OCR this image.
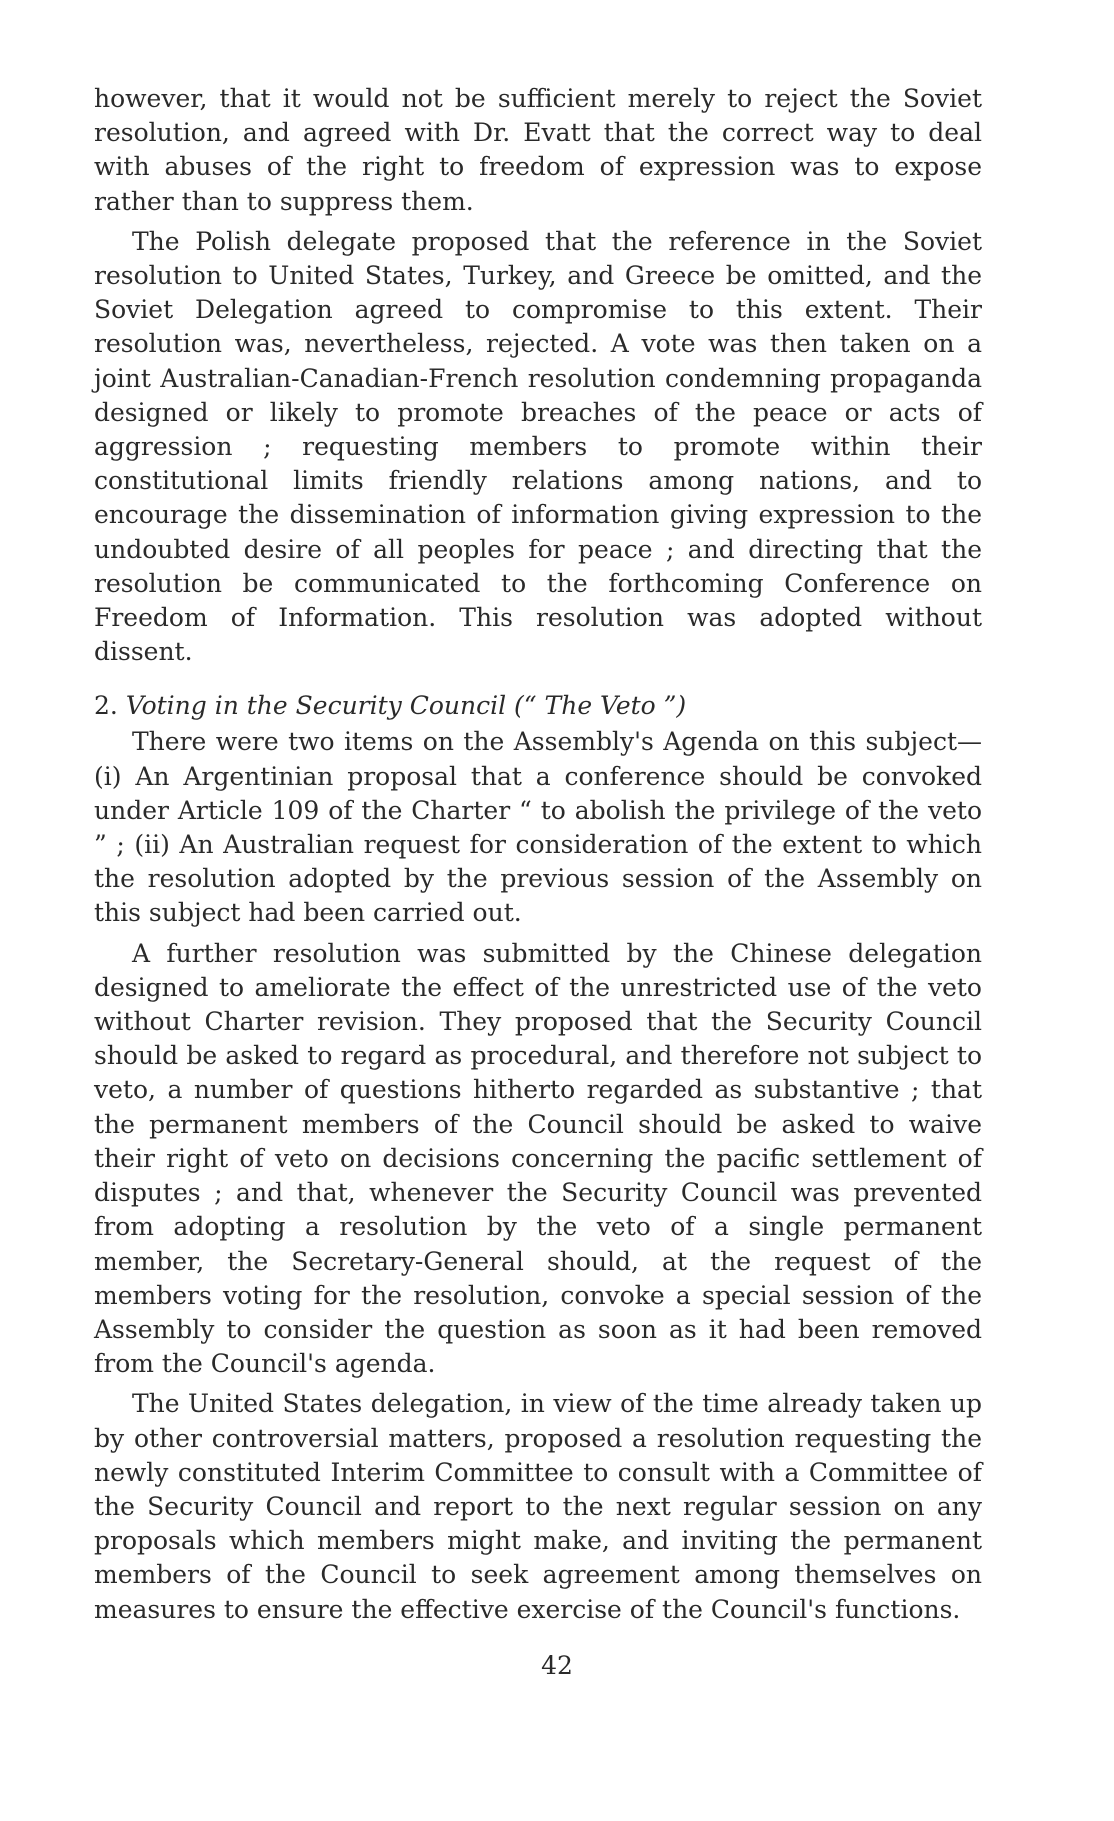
however, that it would not be sufficient merely to reject the Soviet resolution, and agreed with Dr. Evatt that the correct way to deal with abuses of the right to freedom of expression was to expose rather than to suppress them.

The Polish delegate proposed that the reference in the Soviet resolution to United States, Turkey, and Greece be omitted, and the Soviet Delegation agreed to compromise to this extent. Their resolution was, nevertheless, rejected. A vote was then taken on a joint Australian-Canadian-French resolution condemning propaganda designed or likely to promote breaches of the peace or acts of aggression ; requesting members to promote within their constitutional limits friendly relations among nations, and to encourage the dissemination of information giving expression to the undoubted desire of all peoples for peace ; and directing that the resolution be communicated to the forthcoming Conference on Freedom of Information. This resolution was adopted without dissent.

2. Voting in the Security Council (“ The Veto ”)

There were two items on the Assembly's Agenda on this subject—(i) An Argentinian proposal that a conference should be convoked under Article 109 of the Charter “ to abolish the privilege of the veto ” ; (ii) An Australian request for consideration of the extent to which the resolution adopted by the previous session of the Assembly on this subject had been carried out.

A further resolution was submitted by the Chinese delegation designed to ameliorate the effect of the unrestricted use of the veto without Charter revision. They proposed that the Security Council should be asked to regard as procedural, and therefore not subject to veto, a number of questions hitherto regarded as substantive ; that the permanent members of the Council should be asked to waive their right of veto on decisions concerning the pacific settlement of disputes ; and that, whenever the Security Council was prevented from adopting a resolution by the veto of a single permanent member, the Secretary-General should, at the request of the members voting for the resolution, convoke a special session of the Assembly to consider the question as soon as it had been removed from the Council's agenda.

The United States delegation, in view of the time already taken up by other controversial matters, proposed a resolution requesting the newly constituted Interim Committee to consult with a Committee of the Security Council and report to the next regular session on any proposals which members might make, and inviting the permanent members of the Council to seek agreement among themselves on measures to ensure the effective exercise of the Council's functions.

42
